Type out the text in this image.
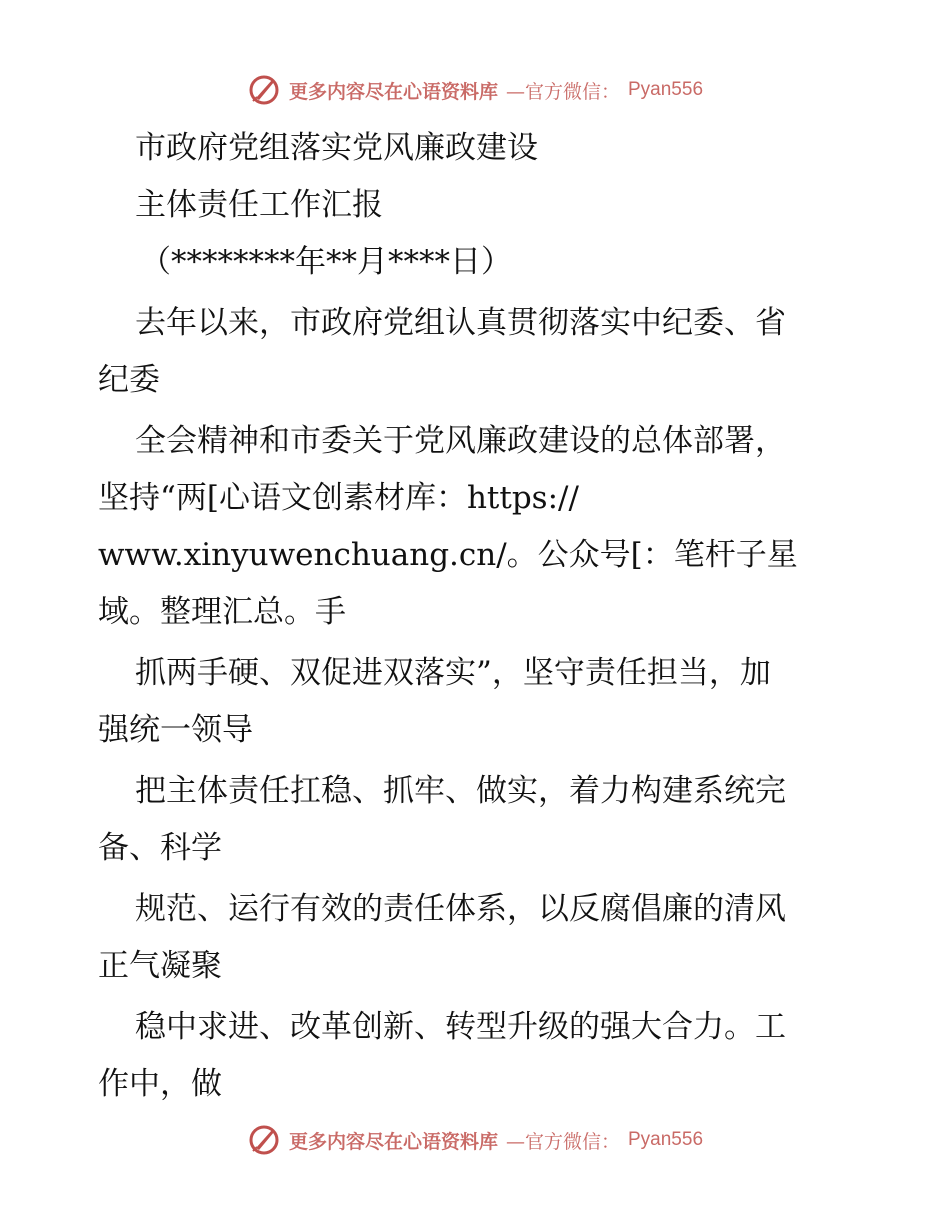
更多内容尽在心语资料库 —官方微信： Pyan556
市政府党组落实党风廉政建设
主体责任工作汇报
（********年**月****日）
去年以来，市政府党组认真贯彻落实中纪委、省
纪委
全会精神和市委关于党风廉政建设的总体部署，
坚持“两[心语文创素材库：https://
www.xinyuwenchuang.cn/。公众号[：笔杆子星
域。整理汇总。手
抓两手硬、双促进双落实”，坚守责任担当，加
强统一领导
把主体责任扛稳、抓牢、做实，着力构建系统完
备、科学
规范、运行有效的责任体系，以反腐倡廉的清风
正气凝聚
稳中求进、改革创新、转型升级的强大合力。工
作中，做
更多内容尽在心语资料库 —官方微信： Pyan556
